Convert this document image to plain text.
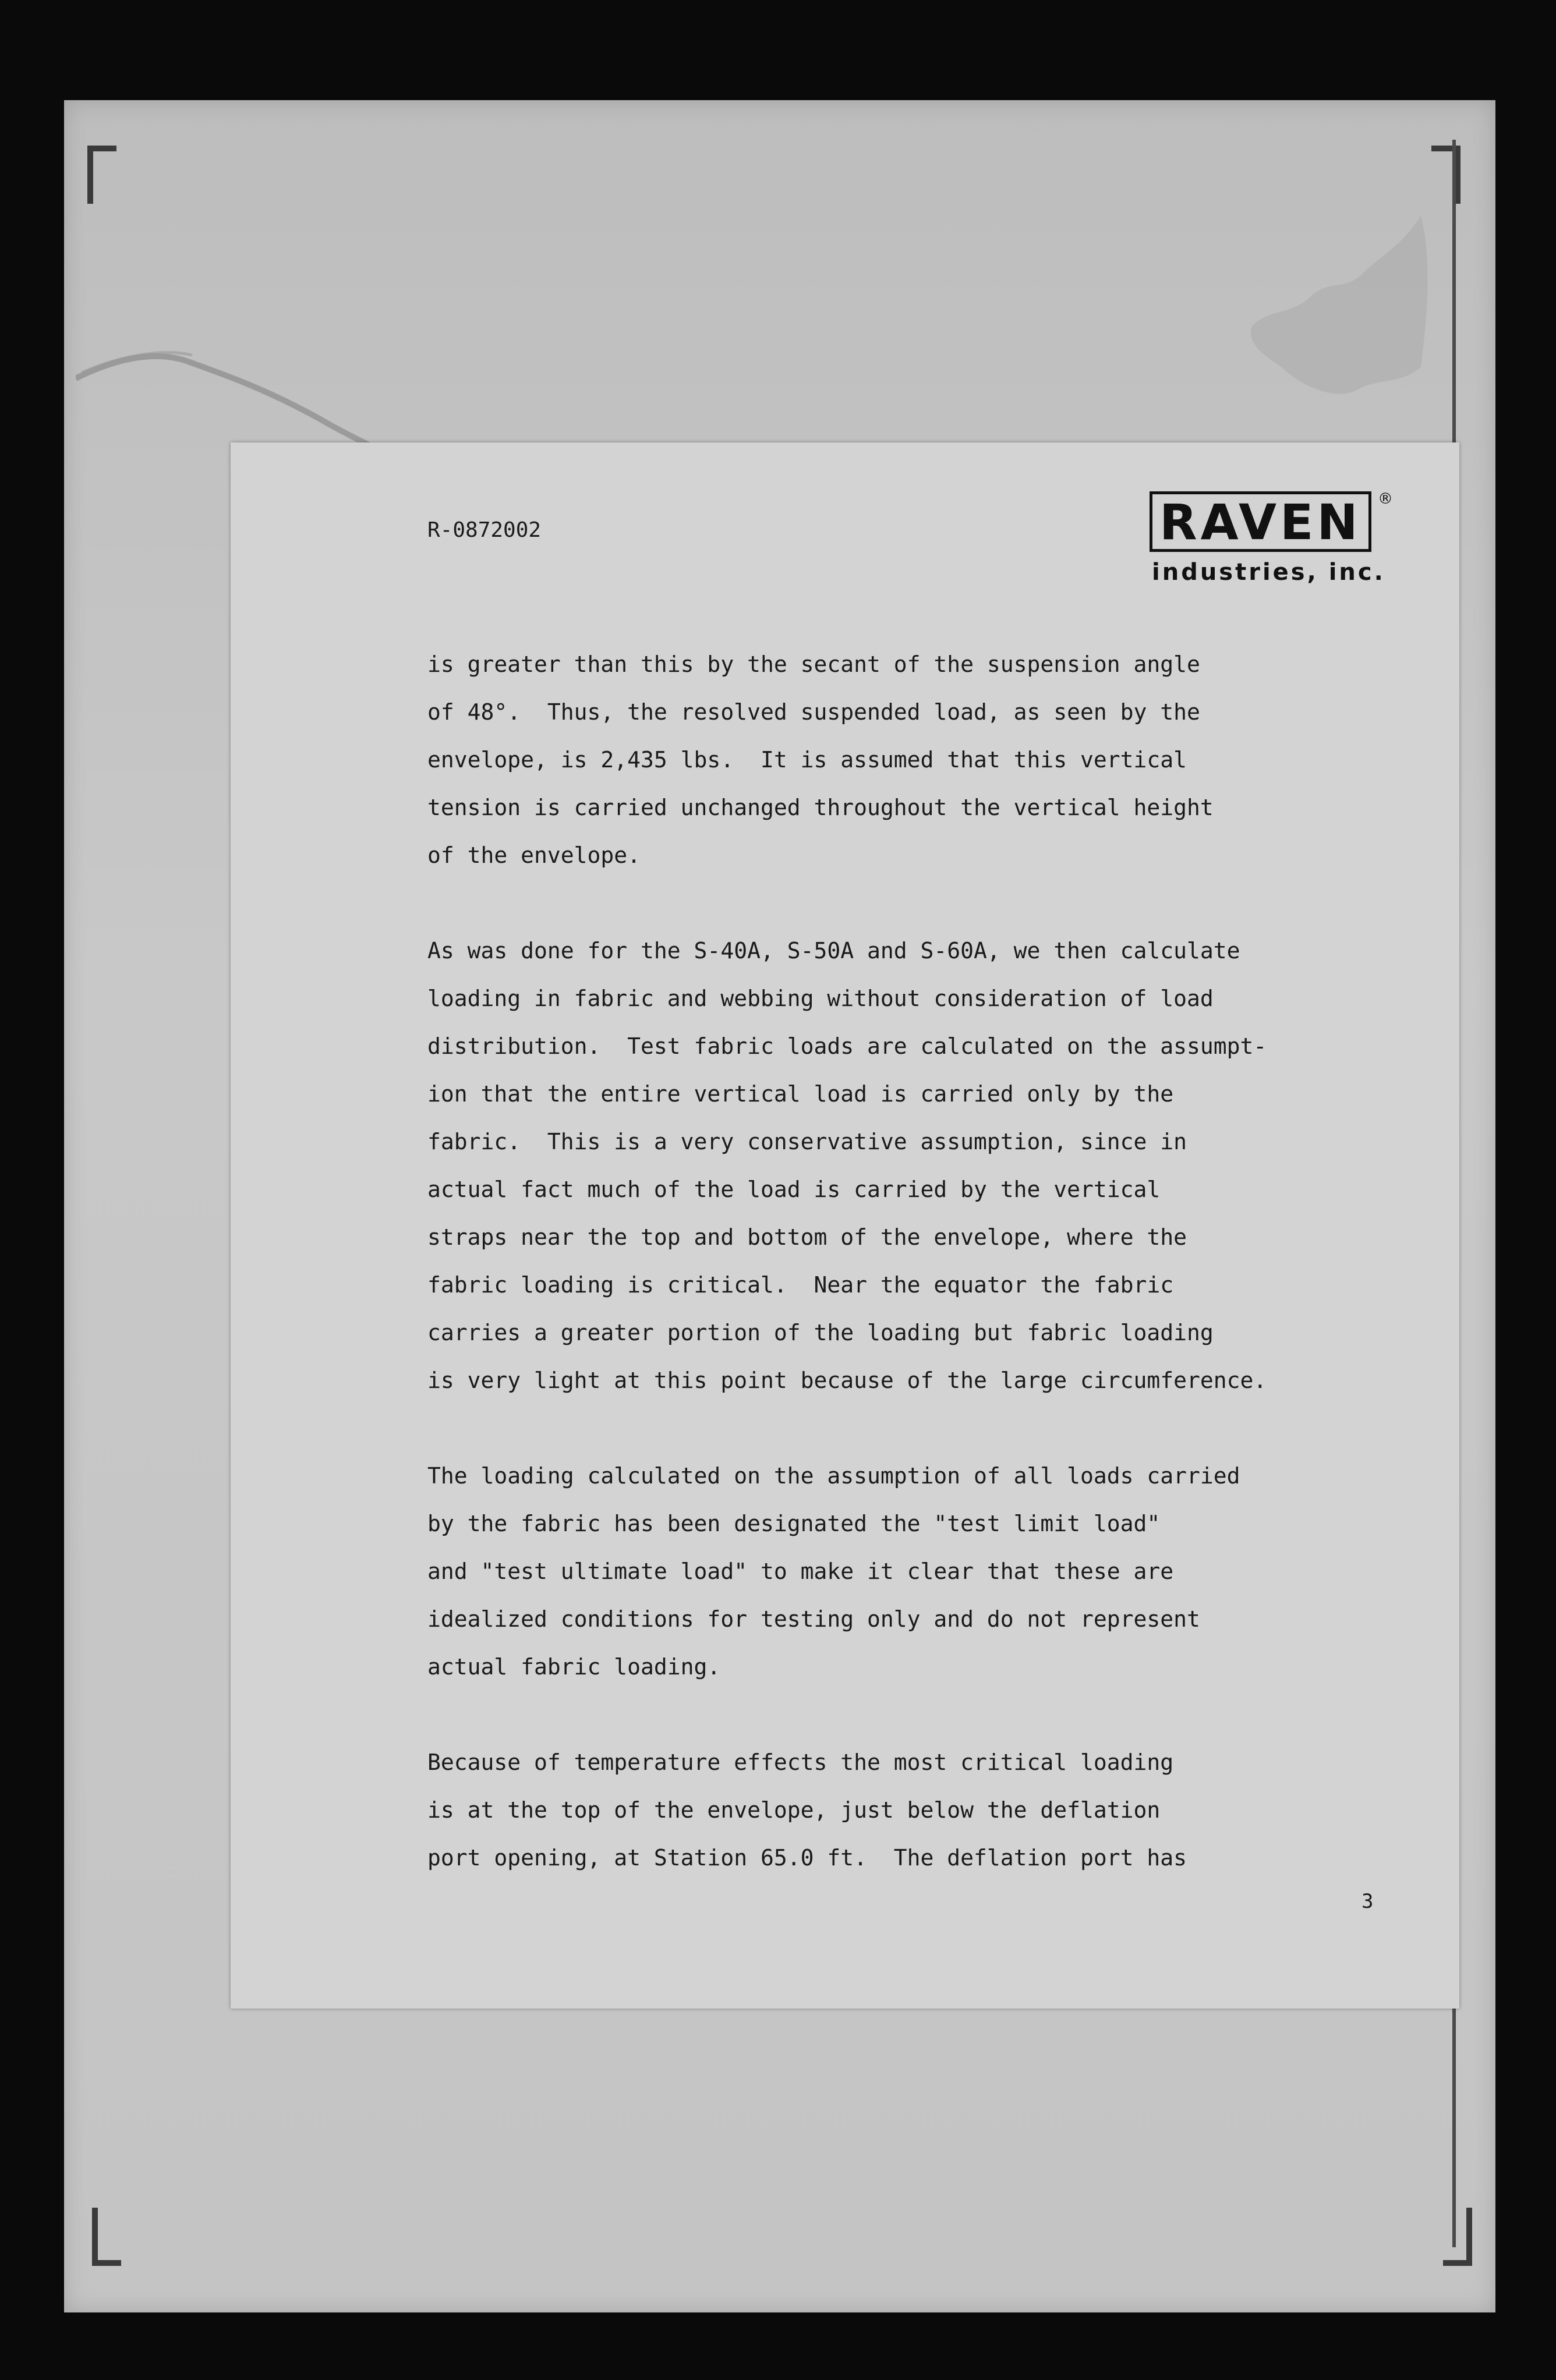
R-0872002	RAVEN ®
industries, inc.
is greater than this by the secant of the suspension angle
of 48°.  Thus, the resolved suspended load, as seen by the
envelope, is 2,435 lbs.  It is assumed that this vertical
tension is carried unchanged throughout the vertical height
of the envelope.
As was done for the S-40A, S-50A and S-60A, we then calculate
loading in fabric and webbing without consideration of load
distribution.  Test fabric loads are calculated on the assumpt-
ion that the entire vertical load is carried only by the
fabric.  This is a very conservative assumption, since in
actual fact much of the load is carried by the vertical
straps near the top and bottom of the envelope, where the
fabric loading is critical.  Near the equator the fabric
carries a greater portion of the loading but fabric loading
is very light at this point because of the large circumference.
The loading calculated on the assumption of all loads carried
by the fabric has been designated the "test limit load"
and "test ultimate load" to make it clear that these are
idealized conditions for testing only and do not represent
actual fabric loading.
Because of temperature effects the most critical loading
is at the top of the envelope, just below the deflation
port opening, at Station 65.0 ft.  The deflation port has
3
